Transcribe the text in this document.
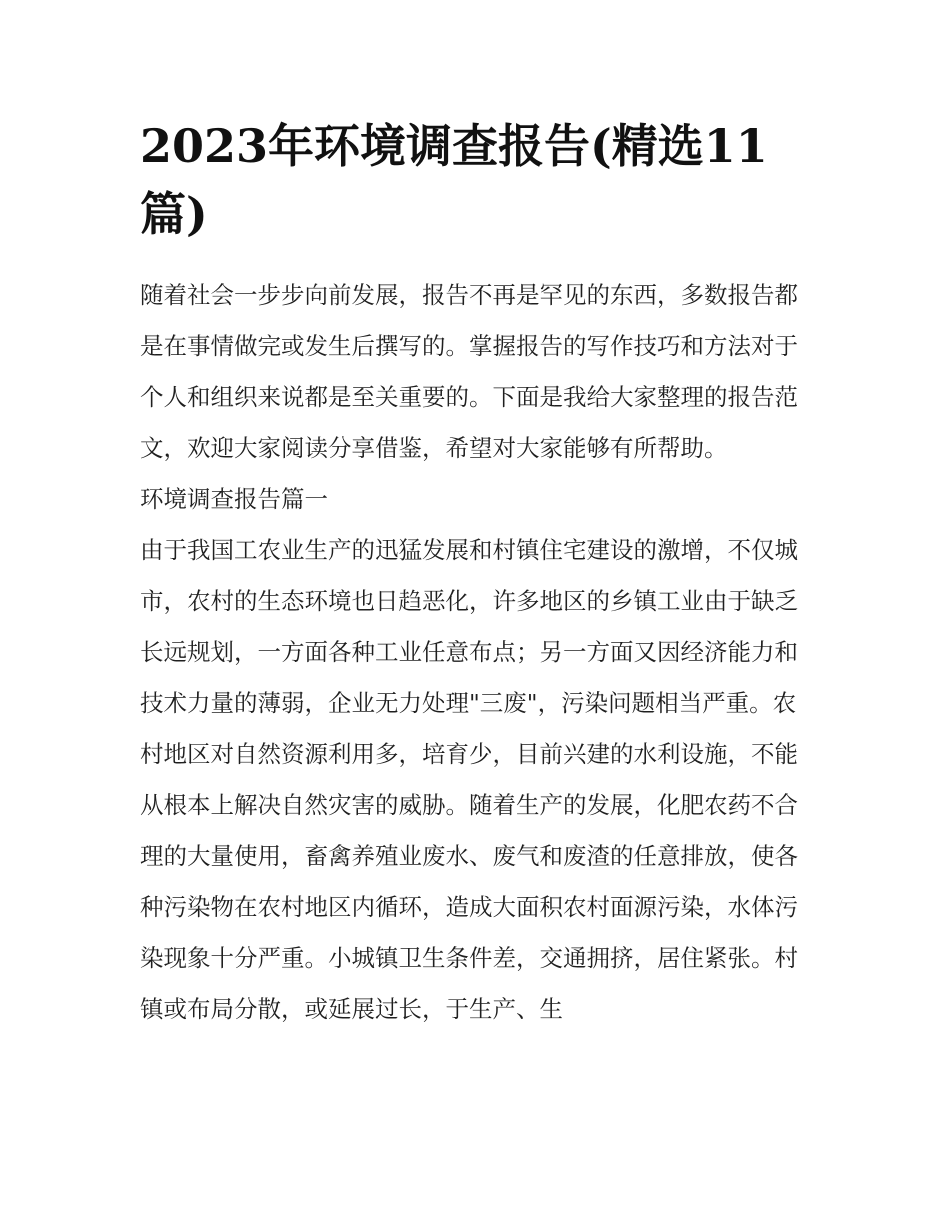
2023年环境调查报告(精选11篇)

随着社会一步步向前发展，报告不再是罕见的东西，多数报告都是在事情做完或发生后撰写的。掌握报告的写作技巧和方法对于个人和组织来说都是至关重要的。下面是我给大家整理的报告范文，欢迎大家阅读分享借鉴，希望对大家能够有所帮助。

环境调查报告篇一

由于我国工农业生产的迅猛发展和村镇住宅建设的激增，不仅城市，农村的生态环境也日趋恶化，许多地区的乡镇工业由于缺乏长远规划，一方面各种工业任意布点；另一方面又因经济能力和技术力量的薄弱，企业无力处理"三废"，污染问题相当严重。农村地区对自然资源利用多，培育少，目前兴建的水利设施，不能从根本上解决自然灾害的威胁。随着生产的发展，化肥农药不合理的大量使用，畜禽养殖业废水、废气和废渣的任意排放，使各种污染物在农村地区内循环，造成大面积农村面源污染，水体污染现象十分严重。小城镇卫生条件差，交通拥挤，居住紧张。村镇或布局分散，或延展过长，于生产、生
